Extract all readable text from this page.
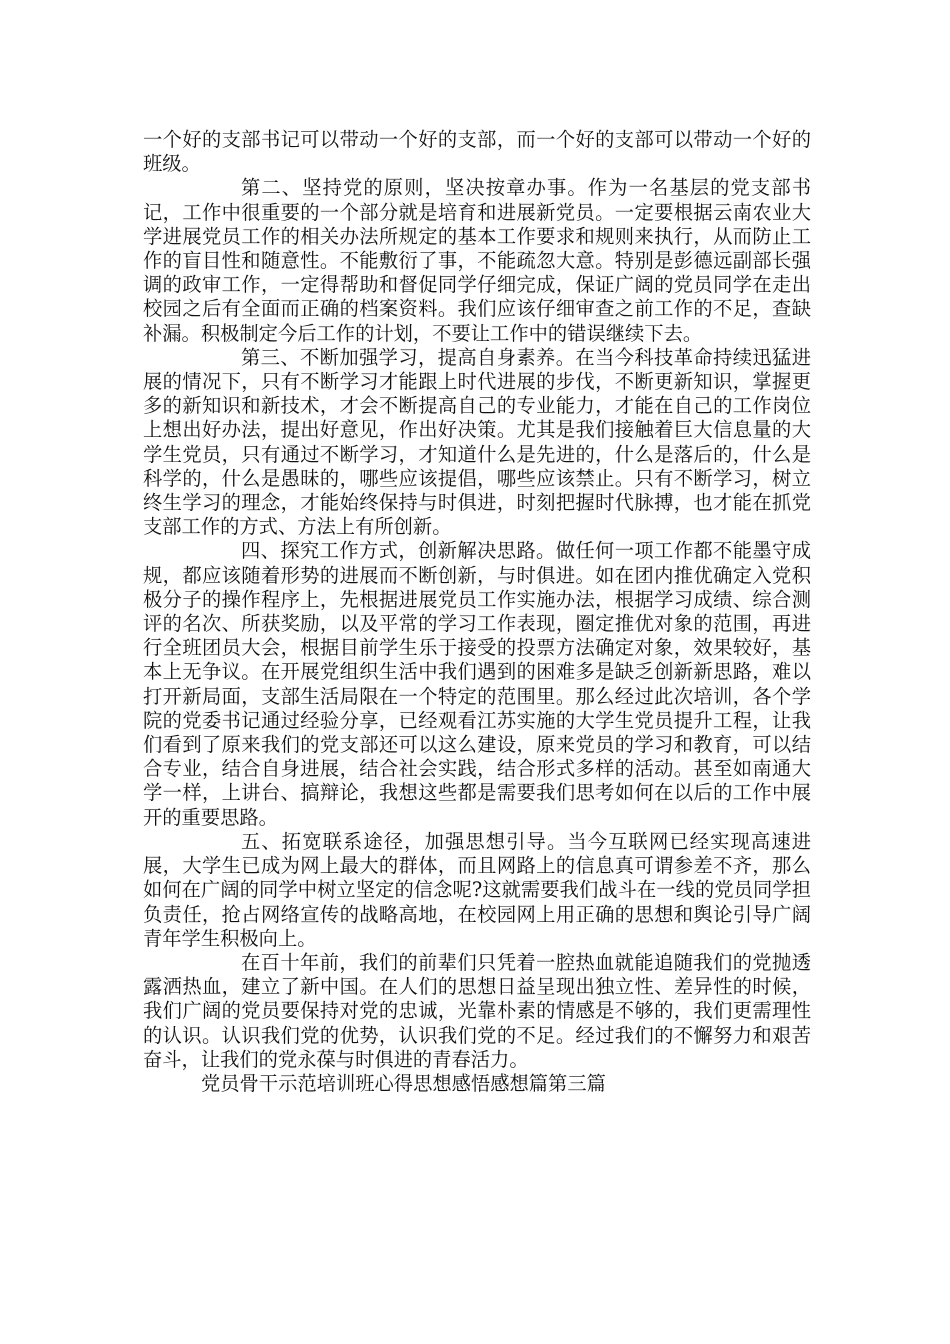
一个好的支部书记可以带动一个好的支部，而一个好的支部可以带动一个好的班级。

第二、坚持党的原则，坚决按章办事。作为一名基层的党支部书记，工作中很重要的一个部分就是培育和进展新党员。一定要根据云南农业大学进展党员工作的相关办法所规定的基本工作要求和规则来执行，从而防止工作的盲目性和随意性。不能敷衍了事，不能疏忽大意。特别是彭德远副部长强调的政审工作，一定得帮助和督促同学仔细完成，保证广阔的党员同学在走出校园之后有全面而正确的档案资料。我们应该仔细审查之前工作的不足，查缺补漏。积极制定今后工作的计划，不要让工作中的错误继续下去。

第三、不断加强学习，提高自身素养。在当今科技革命持续迅猛进展的情况下，只有不断学习才能跟上时代进展的步伐，不断更新知识，掌握更多的新知识和新技术，才会不断提高自己的专业能力，才能在自己的工作岗位上想出好办法，提出好意见，作出好决策。尤其是我们接触着巨大信息量的大学生党员，只有通过不断学习，才知道什么是先进的，什么是落后的，什么是科学的，什么是愚昧的，哪些应该提倡，哪些应该禁止。只有不断学习，树立终生学习的理念，才能始终保持与时俱进，时刻把握时代脉搏，也才能在抓党支部工作的方式、方法上有所创新。

四、探究工作方式，创新解决思路。做任何一项工作都不能墨守成规，都应该随着形势的进展而不断创新，与时俱进。如在团内推优确定入党积极分子的操作程序上，先根据进展党员工作实施办法，根据学习成绩、综合测评的名次、所获奖励，以及平常的学习工作表现，圈定推优对象的范围，再进行全班团员大会，根据目前学生乐于接受的投票方法确定对象，效果较好，基本上无争议。在开展党组织生活中我们遇到的困难多是缺乏创新新思路，难以打开新局面，支部生活局限在一个特定的范围里。那么经过此次培训，各个学院的党委书记通过经验分享，已经观看江苏实施的大学生党员提升工程，让我们看到了原来我们的党支部还可以这么建设，原来党员的学习和教育，可以结合专业，结合自身进展，结合社会实践，结合形式多样的活动。甚至如南通大学一样，上讲台、搞辩论，我想这些都是需要我们思考如何在以后的工作中展开的重要思路。

五、拓宽联系途径，加强思想引导。当今互联网已经实现高速进展，大学生已成为网上最大的群体，而且网路上的信息真可谓参差不齐，那么如何在广阔的同学中树立坚定的信念呢?这就需要我们战斗在一线的党员同学担负责任，抢占网络宣传的战略高地，在校园网上用正确的思想和舆论引导广阔青年学生积极向上。

在百十年前，我们的前辈们只凭着一腔热血就能追随我们的党抛透露洒热血，建立了新中国。在人们的思想日益呈现出独立性、差异性的时候，我们广阔的党员要保持对党的忠诚，光靠朴素的情感是不够的，我们更需理性的认识。认识我们党的优势，认识我们党的不足。经过我们的不懈努力和艰苦奋斗，让我们的党永葆与时俱进的青春活力。

党员骨干示范培训班心得思想感悟感想篇第三篇
